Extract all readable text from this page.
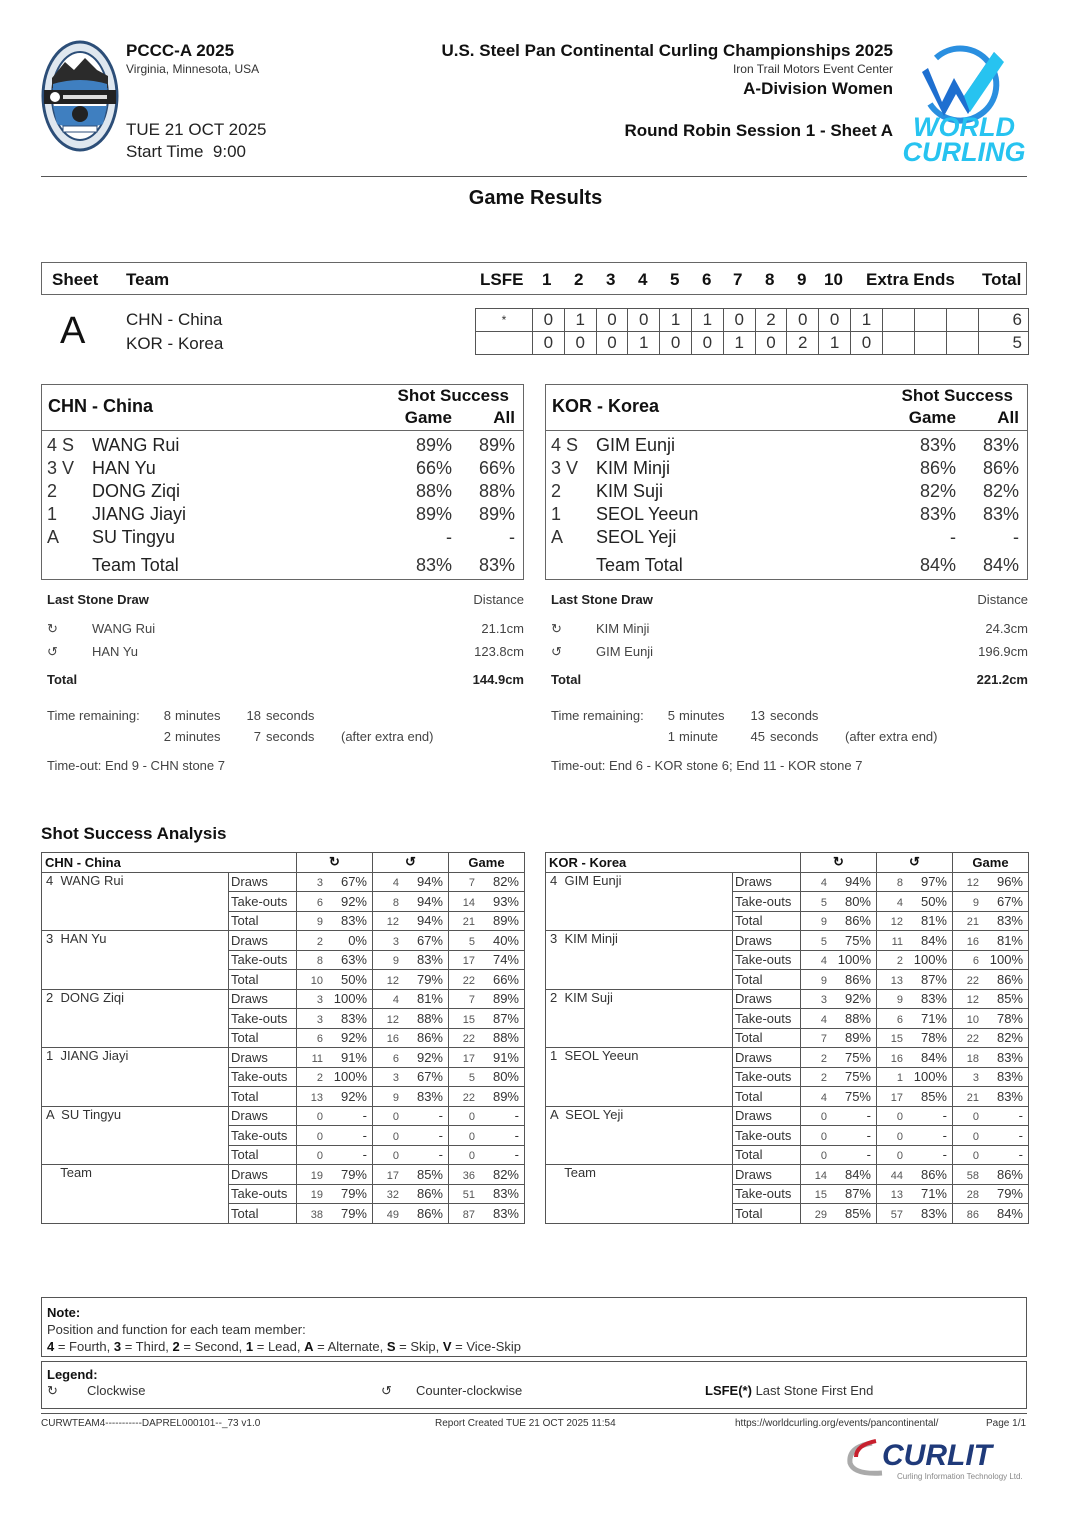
PCCC-A 2025
Virginia, Minnesota, USA
TUE 21 OCT 2025
Start Time  9:00
U.S. Steel Pan Continental Curling Championships 2025
Iron Trail Motors Event Center
A-Division Women
Round Robin Session 1 - Sheet A WORLD
CURLING
Game Results
Sheet Team	LSFE 1 2 3 4 5 6 7 8 9 10 Extra Ends Total
A CHN - China
KOR - Korea
*	0	1	0	0	1	1	0	2	0	0	1				6
	0	0	0	1	0	0	1	0	2	1	0				5
CHN - China
Shot Success
Game All
4 S WANG Rui	89% 89%
3 V HAN Yu	66% 66%
2 DONG Ziqi	88% 88%
1 JIANG Jiayi	89% 89%
A SU Tingyu	-	-
Team Total	83% 83%
KOR - Korea
Shot Success
Game All
4 S GIM Eunji	83% 83%
3 V KIM Minji	86% 86%
2 KIM Suji	82% 82%
1 SEOL Yeeun	83% 83%
A SEOL Yeji	-	-
Team Total	84% 84%
Last Stone Draw	Distance
↻	WANG Rui	21.1cm
↺	HAN Yu	123.8cm
Total	144.9cm
Last Stone Draw	Distance
↻	KIM Minji	24.3cm
↺	GIM Eunji	196.9cm
Total	221.2cm
Time remaining: 8 minutes 18 seconds
2 minutes	7 seconds (after extra end)
Time remaining: 5 minutes 13 seconds
1 minute	45 seconds (after extra end)
Time-out: End 9 - CHN stone 7	Time-out: End 6 - KOR stone 6; End 11 - KOR stone 7
Shot Success Analysis
CHN - China		↻	↺	Game
4  WANG Rui	Draws	3 67%	4 94%	7 82%
	Take-outs	6 92%	8 94%	14 93%
	Total	9 83%	12 94%	21 89%
3  HAN Yu	Draws	2 0%	3 67%	5 40%
	Take-outs	8 63%	9 83%	17 74%
	Total	10 50%	12 79%	22 66%
2  DONG Ziqi	Draws	3 100%	4 81%	7 89%
	Take-outs	3 83%	12 88%	15 87%
	Total	6 92%	16 86%	22 88%
1  JIANG Jiayi	Draws	11 91%	6 92%	17 91%
	Take-outs	2 100%	3 67%	5 80%
	Total	13 92%	9 83%	22 89%
A  SU Tingyu	Draws	0 -	0 -	0 -
	Take-outs	0 -	0 -	0 -
	Total	0 -	0 -	0 -
Team	Draws	19 79%	17 85%	36 82%
	Take-outs	19 79%	32 86%	51 83%
	Total	38 79%	49 86%	87 83%
KOR - Korea		↻	↺	Game
4  GIM Eunji	Draws	4 94%	8 97%	12 96%
	Take-outs	5 80%	4 50%	9 67%
	Total	9 86%	12 81%	21 83%
3  KIM Minji	Draws	5 75%	11 84%	16 81%
	Take-outs	4 100%	2 100%	6 100%
	Total	9 86%	13 87%	22 86%
2  KIM Suji	Draws	3 92%	9 83%	12 85%
	Take-outs	4 88%	6 71%	10 78%
	Total	7 89%	15 78%	22 82%
1  SEOL Yeeun	Draws	2 75%	16 84%	18 83%
	Take-outs	2 75%	1 100%	3 83%
	Total	4 75%	17 85%	21 83%
A  SEOL Yeji	Draws	0 -	0 -	0 -
	Take-outs	0 -	0 -	0 -
	Total	0 -	0 -	0 -
Team	Draws	14 84%	44 86%	58 86%
	Take-outs	15 87%	13 71%	28 79%
	Total	29 85%	57 83%	86 84%
Note:
Position and function for each team member:
4 = Fourth, 3 = Third, 2 = Second, 1 = Lead, A = Alternate, S = Skip, V = Vice-Skip
Legend:
↻ Clockwise	↺ Counter-clockwise	LSFE(*) Last Stone First End
CURWTEAM4-----------DAPREL000101--_73 v1.0	Report Created TUE 21 OCT 2025 11:54	https://worldcurling.org/events/pancontinental/	Page 1/1
CURLIT
Curling Information Technology Ltd.
